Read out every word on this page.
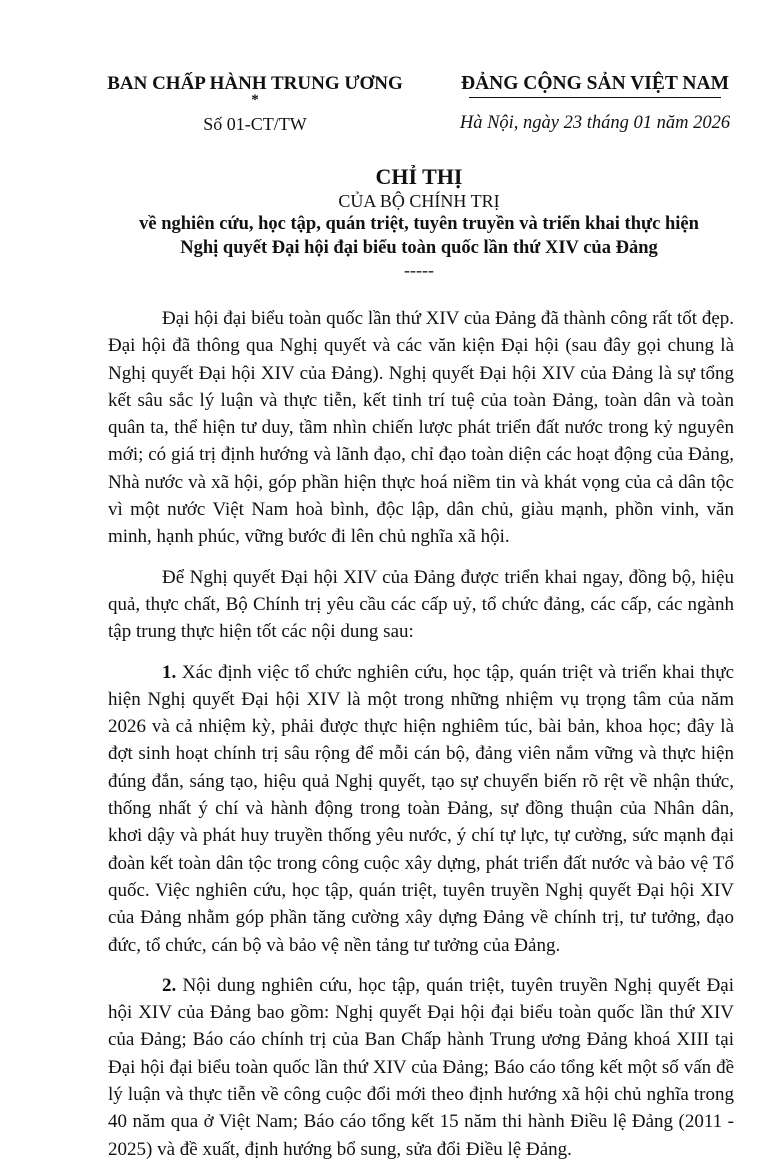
BAN CHẤP HÀNH TRUNG ƯƠNG
*
Số 01-CT/TW
ĐẢNG CỘNG SẢN VIỆT NAM
Hà Nội, ngày 23 tháng 01 năm 2026
CHỈ THỊ
CỦA BỘ CHÍNH TRỊ
về nghiên cứu, học tập, quán triệt, tuyên truyền và triển khai thực hiện
Nghị quyết Đại hội đại biểu toàn quốc lần thứ XIV của Đảng
-----

Đại hội đại biểu toàn quốc lần thứ XIV của Đảng đã thành công rất tốt đẹp. Đại hội đã thông qua Nghị quyết và các văn kiện Đại hội (sau đây gọi chung là Nghị quyết Đại hội XIV của Đảng). Nghị quyết Đại hội XIV của Đảng là sự tổng kết sâu sắc lý luận và thực tiễn, kết tinh trí tuệ của toàn Đảng, toàn dân và toàn quân ta, thể hiện tư duy, tầm nhìn chiến lược phát triển đất nước trong kỷ nguyên mới; có giá trị định hướng và lãnh đạo, chỉ đạo toàn diện các hoạt động của Đảng, Nhà nước và xã hội, góp phần hiện thực hoá niềm tin và khát vọng của cả dân tộc vì một nước Việt Nam hoà bình, độc lập, dân chủ, giàu mạnh, phồn vinh, văn minh, hạnh phúc, vững bước đi lên chủ nghĩa xã hội.

Để Nghị quyết Đại hội XIV của Đảng được triển khai ngay, đồng bộ, hiệu quả, thực chất, Bộ Chính trị yêu cầu các cấp uỷ, tổ chức đảng, các cấp, các ngành tập trung thực hiện tốt các nội dung sau:

1. Xác định việc tổ chức nghiên cứu, học tập, quán triệt và triển khai thực hiện Nghị quyết Đại hội XIV là một trong những nhiệm vụ trọng tâm của năm 2026 và cả nhiệm kỳ, phải được thực hiện nghiêm túc, bài bản, khoa học; đây là đợt sinh hoạt chính trị sâu rộng để mỗi cán bộ, đảng viên nắm vững và thực hiện đúng đắn, sáng tạo, hiệu quả Nghị quyết, tạo sự chuyển biến rõ rệt về nhận thức, thống nhất ý chí và hành động trong toàn Đảng, sự đồng thuận của Nhân dân, khơi dậy và phát huy truyền thống yêu nước, ý chí tự lực, tự cường, sức mạnh đại đoàn kết toàn dân tộc trong công cuộc xây dựng, phát triển đất nước và bảo vệ Tổ quốc. Việc nghiên cứu, học tập, quán triệt, tuyên truyền Nghị quyết Đại hội XIV của Đảng nhằm góp phần tăng cường xây dựng Đảng về chính trị, tư tưởng, đạo đức, tổ chức, cán bộ và bảo vệ nền tảng tư tưởng của Đảng.

2. Nội dung nghiên cứu, học tập, quán triệt, tuyên truyền Nghị quyết Đại hội XIV của Đảng bao gồm: Nghị quyết Đại hội đại biểu toàn quốc lần thứ XIV của Đảng; Báo cáo chính trị của Ban Chấp hành Trung ương Đảng khoá XIII tại Đại hội đại biểu toàn quốc lần thứ XIV của Đảng; Báo cáo tổng kết một số vấn đề lý luận và thực tiễn về công cuộc đổi mới theo định hướng xã hội chủ nghĩa trong 40 năm qua ở Việt Nam; Báo cáo tổng kết 15 năm thi hành Điều lệ Đảng (2011 - 2025) và đề xuất, định hướng bổ sung, sửa đổi Điều lệ Đảng.
